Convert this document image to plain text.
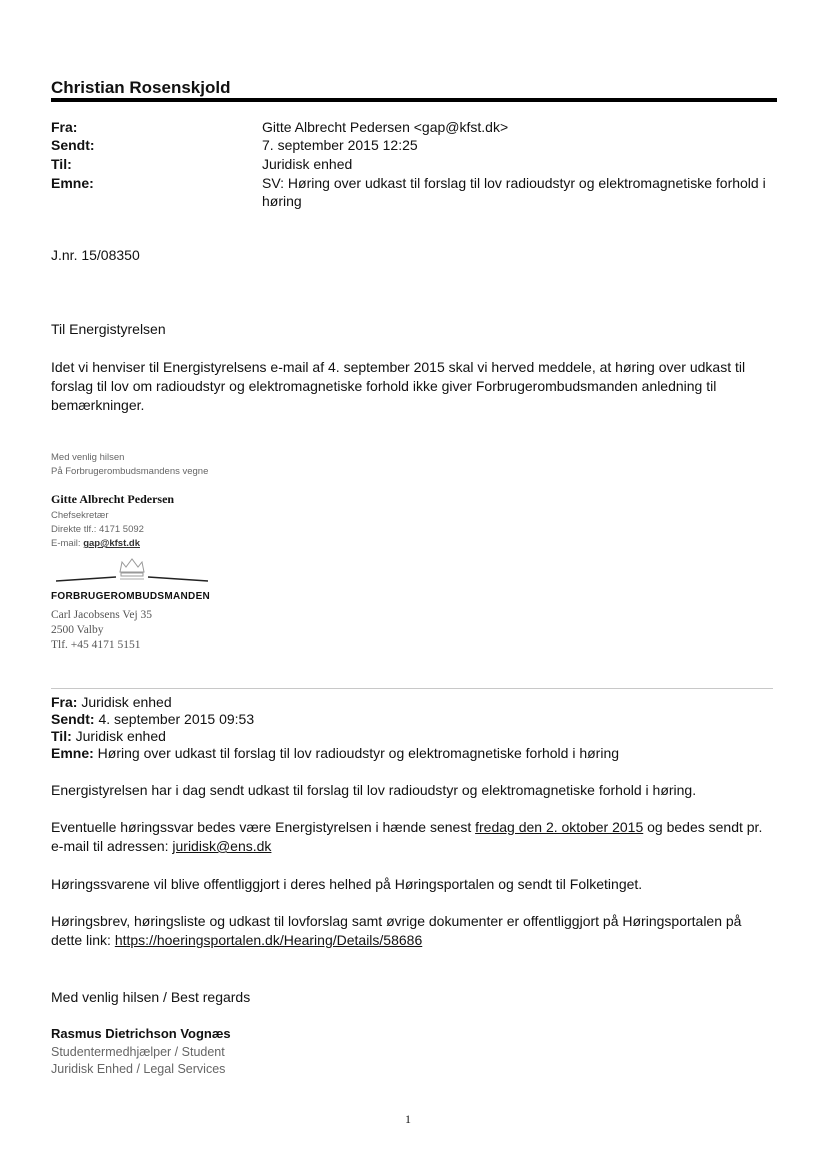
Christian Rosenskjold
Fra:	Gitte Albrecht Pedersen <gap@kfst.dk>
Sendt:	7. september 2015 12:25
Til:	Juridisk enhed
Emne:	SV: Høring over udkast til forslag til lov radioudstyr og elektromagnetiske forhold i høring
J.nr. 15/08350
Til Energistyrelsen
Idet vi henviser til Energistyrelsens e-mail af 4. september 2015 skal vi herved meddele, at høring over udkast til forslag til lov om radioudstyr og elektromagnetiske forhold ikke giver Forbrugerombudsmanden anledning til bemærkninger.
Med venlig hilsen
På Forbrugerombudsmandens vegne
Gitte Albrecht Pedersen
Chefsekretær
Direkte tlf.: 4171 5092
E-mail: gap@kfst.dk
FORBRUGEROMBUDSMANDEN
Carl Jacobsens Vej 35
2500 Valby
Tlf. +45 4171 5151
Fra: Juridisk enhed
Sendt: 4. september 2015 09:53
Til: Juridisk enhed
Emne: Høring over udkast til forslag til lov radioudstyr og elektromagnetiske forhold i høring
Energistyrelsen har i dag sendt udkast til forslag til lov radioudstyr og elektromagnetiske forhold i høring.
Eventuelle høringssvar bedes være Energistyrelsen i hænde senest fredag den 2. oktober 2015 og bedes sendt pr. e-mail til adressen: juridisk@ens.dk
Høringssvarene vil blive offentliggjort i deres helhed på Høringsportalen og sendt til Folketinget.
Høringsbrev, høringsliste og udkast til lovforslag samt øvrige dokumenter er offentliggjort på Høringsportalen på dette link: https://hoeringsportalen.dk/Hearing/Details/58686
Med venlig hilsen / Best regards
Rasmus Dietrichson Vognæs
Studentermedhjælper / Student
Juridisk Enhed / Legal Services
1
